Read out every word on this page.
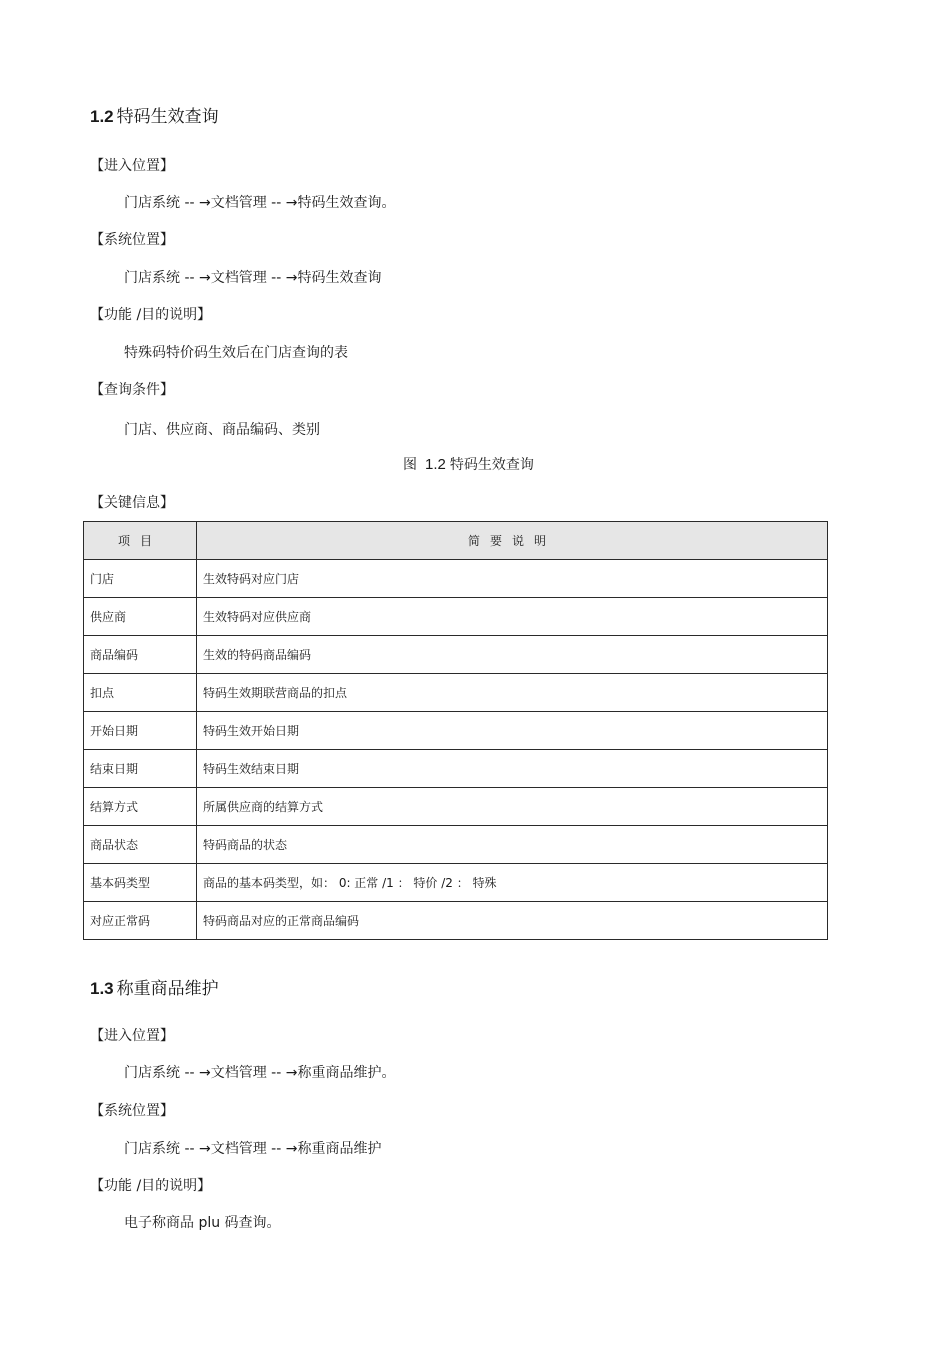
1.2 特码生效查询
【进入位置】
门店系统 -- →文档管理 -- →特码生效查询。
【系统位置】
门店系统 -- →文档管理 -- →特码生效查询
【功能 /目的说明】
特殊码特价码生效后在门店查询的表
【查询条件】
门店、供应商、商品编码、类别
图 1.2 特码生效查询
【关键信息】
项目	简要说明
门店	生效特码对应门店
供应商	生效特码对应供应商
商品编码	生效的特码商品编码
扣点	特码生效期联营商品的扣点
开始日期	特码生效开始日期
结束日期	特码生效结束日期
结算方式	所属供应商的结算方式
商品状态	特码商品的状态
基本码类型	商品的基本码类型，如： 0: 正常 /1 ： 特价 /2 ： 特殊
对应正常码	特码商品对应的正常商品编码
1.3 称重商品维护
【进入位置】
门店系统 -- →文档管理 -- →称重商品维护。
【系统位置】
门店系统 -- →文档管理 -- →称重商品维护
【功能 /目的说明】
电子称商品 plu 码查询。
